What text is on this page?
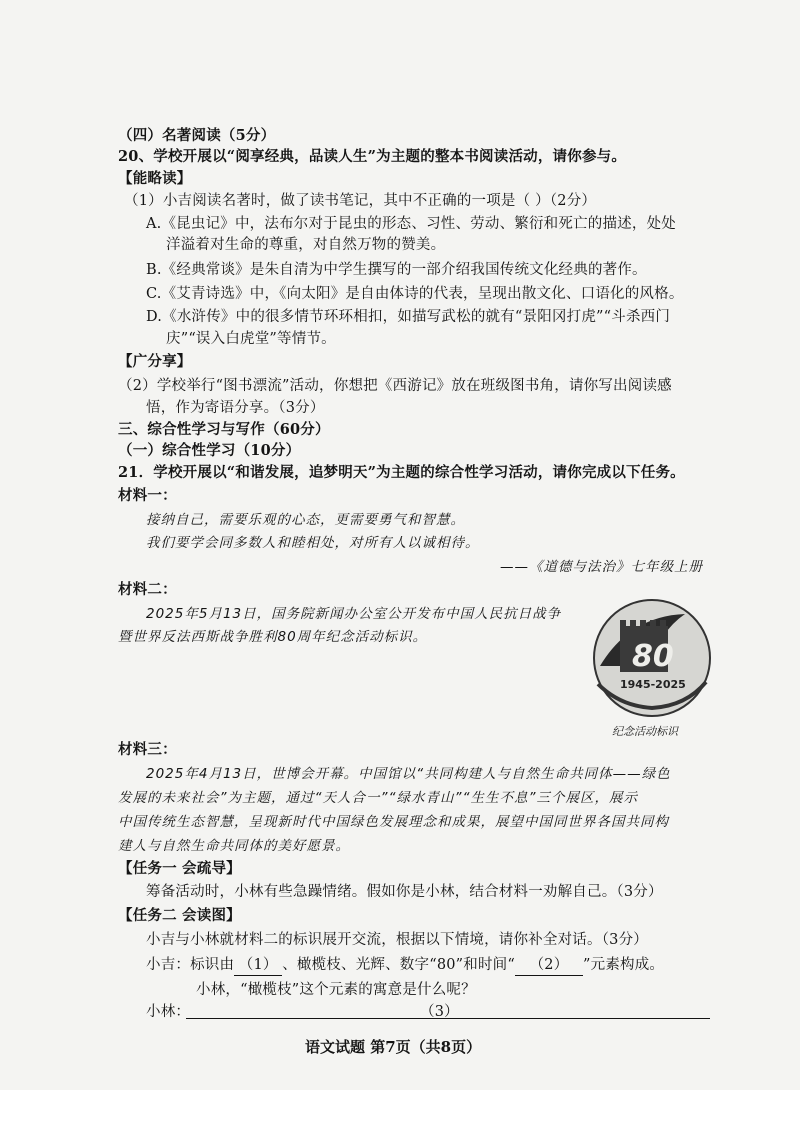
（四）名著阅读（5分）
20、学校开展以“阅享经典，品读人生”为主题的整本书阅读活动，请你参与。
【能略读】
（1）小吉阅读名著时，做了读书笔记，其中不正确的一项是（ ）（2分）
A.《昆虫记》中，法布尔对于昆虫的形态、习性、劳动、繁衍和死亡的描述，处处
洋溢着对生命的尊重，对自然万物的赞美。
B.《经典常谈》是朱自清为中学生撰写的一部介绍我国传统文化经典的著作。
C.《艾青诗选》中，《向太阳》是自由体诗的代表，呈现出散文化、口语化的风格。
D.《水浒传》中的很多情节环环相扣，如描写武松的就有“景阳冈打虎”“斗杀西门
庆”“误入白虎堂”等情节。
【广分享】
（2）学校举行“图书漂流”活动，你想把《西游记》放在班级图书角，请你写出阅读感
悟，作为寄语分享。（3分）
三、综合性学习与写作（60分）
（一）综合性学习（10分）
21．学校开展以“和谐发展，追梦明天”为主题的综合性学习活动，请你完成以下任务。
材料一：
接纳自己，需要乐观的心态，更需要勇气和智慧。
我们要学会同多数人和睦相处，对所有人以诚相待。
——《道德与法治》七年级上册
材料二：
2025年5月13日，国务院新闻办公室公开发布中国人民抗日战争
暨世界反法西斯战争胜利80周年纪念活动标识。
80
1945-2025
纪念活动标识
材料三：
2025年4月13日，世博会开幕。中国馆以“共同构建人与自然生命共同体——绿色
发展的未来社会”为主题，通过“天人合一”“绿水青山”“生生不息”三个展区，展示
中国传统生态智慧，呈现新时代中国绿色发展理念和成果，展望中国同世界各国共同构
建人与自然生命共同体的美好愿景。
【任务一 会疏导】
筹备活动时，小林有些急躁情绪。假如你是小林，结合材料一劝解自己。（3分）
【任务二 会读图】
小吉与小林就材料二的标识展开交流，根据以下情境，请你补全对话。（3分）
小吉：标识由 （1） 、橄榄枝、光辉、数字“80”和时间“ （2） ”元素构成。
小林，“橄榄枝”这个元素的寓意是什么呢？
小林：	（3）
语文试题 第7页（共8页）
